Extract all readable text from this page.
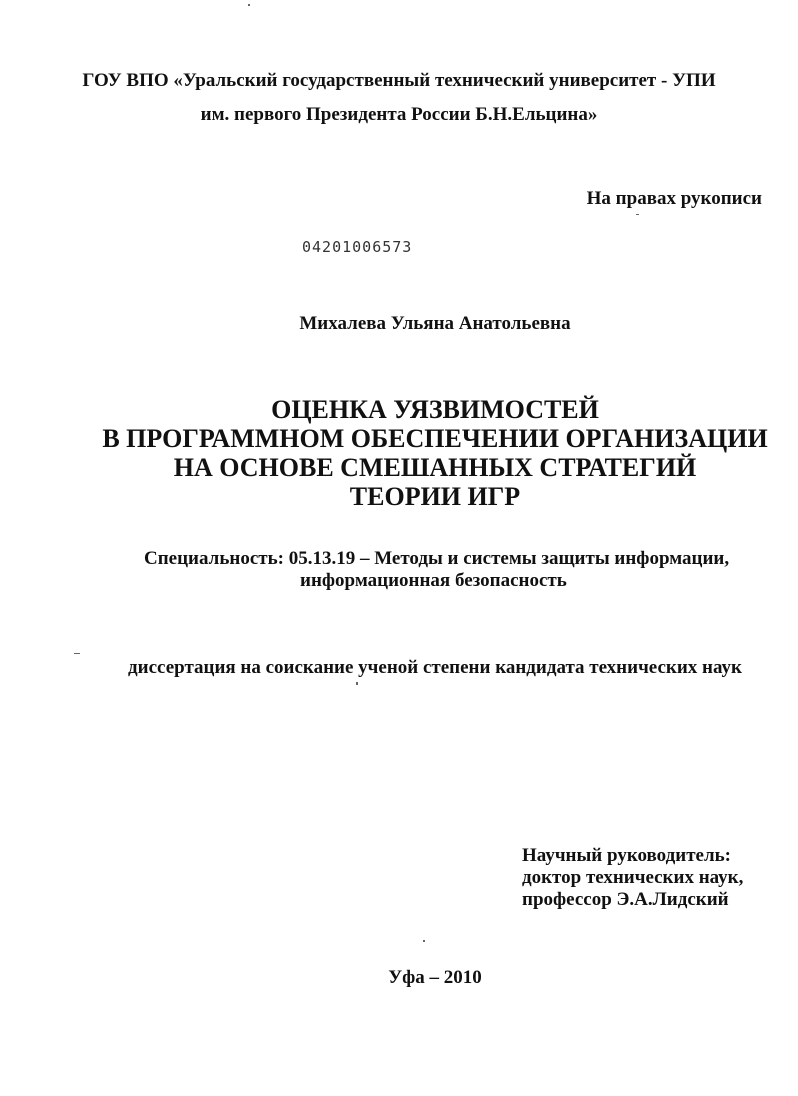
ГОУ ВПО «Уральский государственный технический университет - УПИ
им. первого Президента России Б.Н.Ельцина»
На правах рукописи
04201006573
Михалева Ульяна Анатольевна
ОЦЕНКА УЯЗВИМОСТЕЙ
В ПРОГРАММНОМ ОБЕСПЕЧЕНИИ ОРГАНИЗАЦИИ
НА ОСНОВЕ СМЕШАННЫХ СТРАТЕГИЙ
ТЕОРИИ ИГР
Специальность: 05.13.19 – Методы и системы защиты информации,
информационная безопасность
диссертация на соискание ученой степени кандидата технических наук
Научный руководитель:
доктор технических наук,
профессор Э.А.Лидский
Уфа – 2010
